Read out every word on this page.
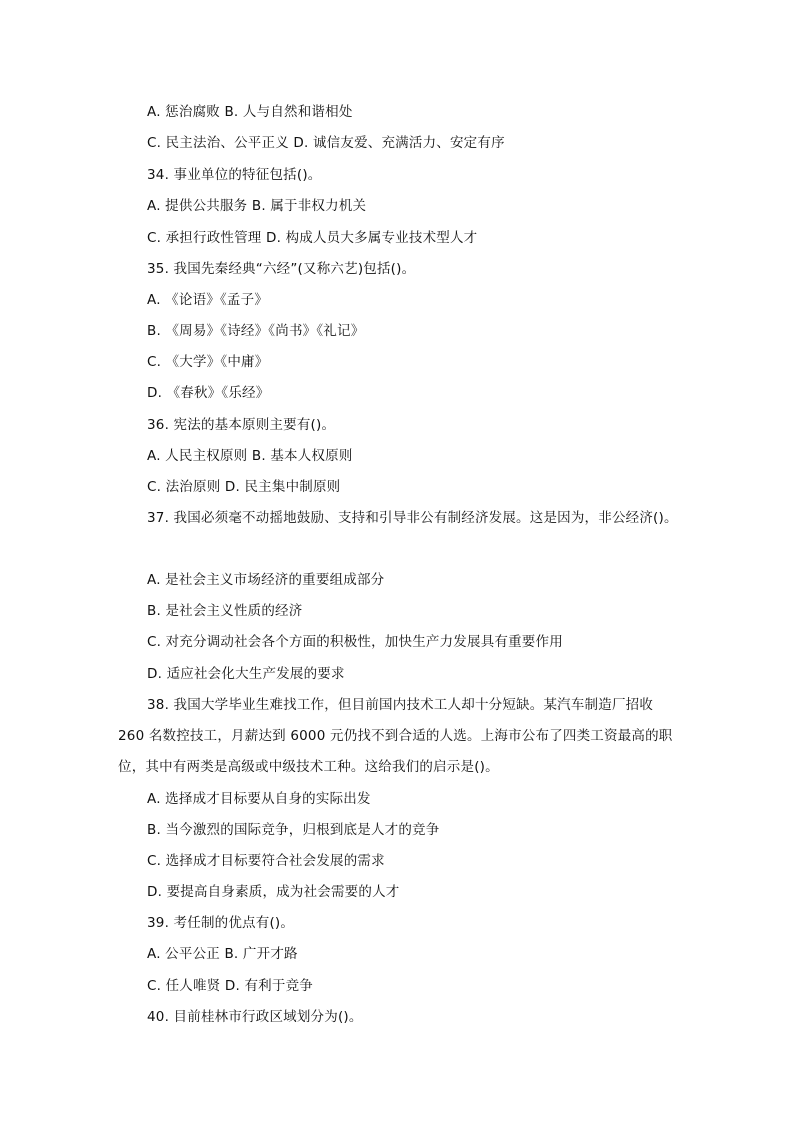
A. 惩治腐败 B. 人与自然和谐相处
C. 民主法治、公平正义 D. 诚信友爱、充满活力、安定有序
34. 事业单位的特征包括()。
A. 提供公共服务 B. 属于非权力机关
C. 承担行政性管理 D. 构成人员大多属专业技术型人才
35. 我国先秦经典“六经”(又称六艺)包括()。
A. 《论语》《孟子》
B. 《周易》《诗经》《尚书》《礼记》
C. 《大学》《中庸》
D. 《春秋》《乐经》
36. 宪法的基本原则主要有()。
A. 人民主权原则 B. 基本人权原则
C. 法治原则 D. 民主集中制原则
37. 我国必须毫不动摇地鼓励、支持和引导非公有制经济发展。这是因为，非公经济()。
A. 是社会主义市场经济的重要组成部分
B. 是社会主义性质的经济
C. 对充分调动社会各个方面的积极性，加快生产力发展具有重要作用
D. 适应社会化大生产发展的要求
38. 我国大学毕业生难找工作，但目前国内技术工人却十分短缺。某汽车制造厂招收
260 名数控技工，月薪达到 6000 元仍找不到合适的人选。上海市公布了四类工资最高的职
位，其中有两类是高级或中级技术工种。这给我们的启示是()。
A. 选择成才目标要从自身的实际出发
B. 当今激烈的国际竞争，归根到底是人才的竞争
C. 选择成才目标要符合社会发展的需求
D. 要提高自身素质，成为社会需要的人才
39. 考任制的优点有()。
A. 公平公正 B. 广开才路
C. 任人唯贤 D. 有利于竞争
40. 目前桂林市行政区域划分为()。
